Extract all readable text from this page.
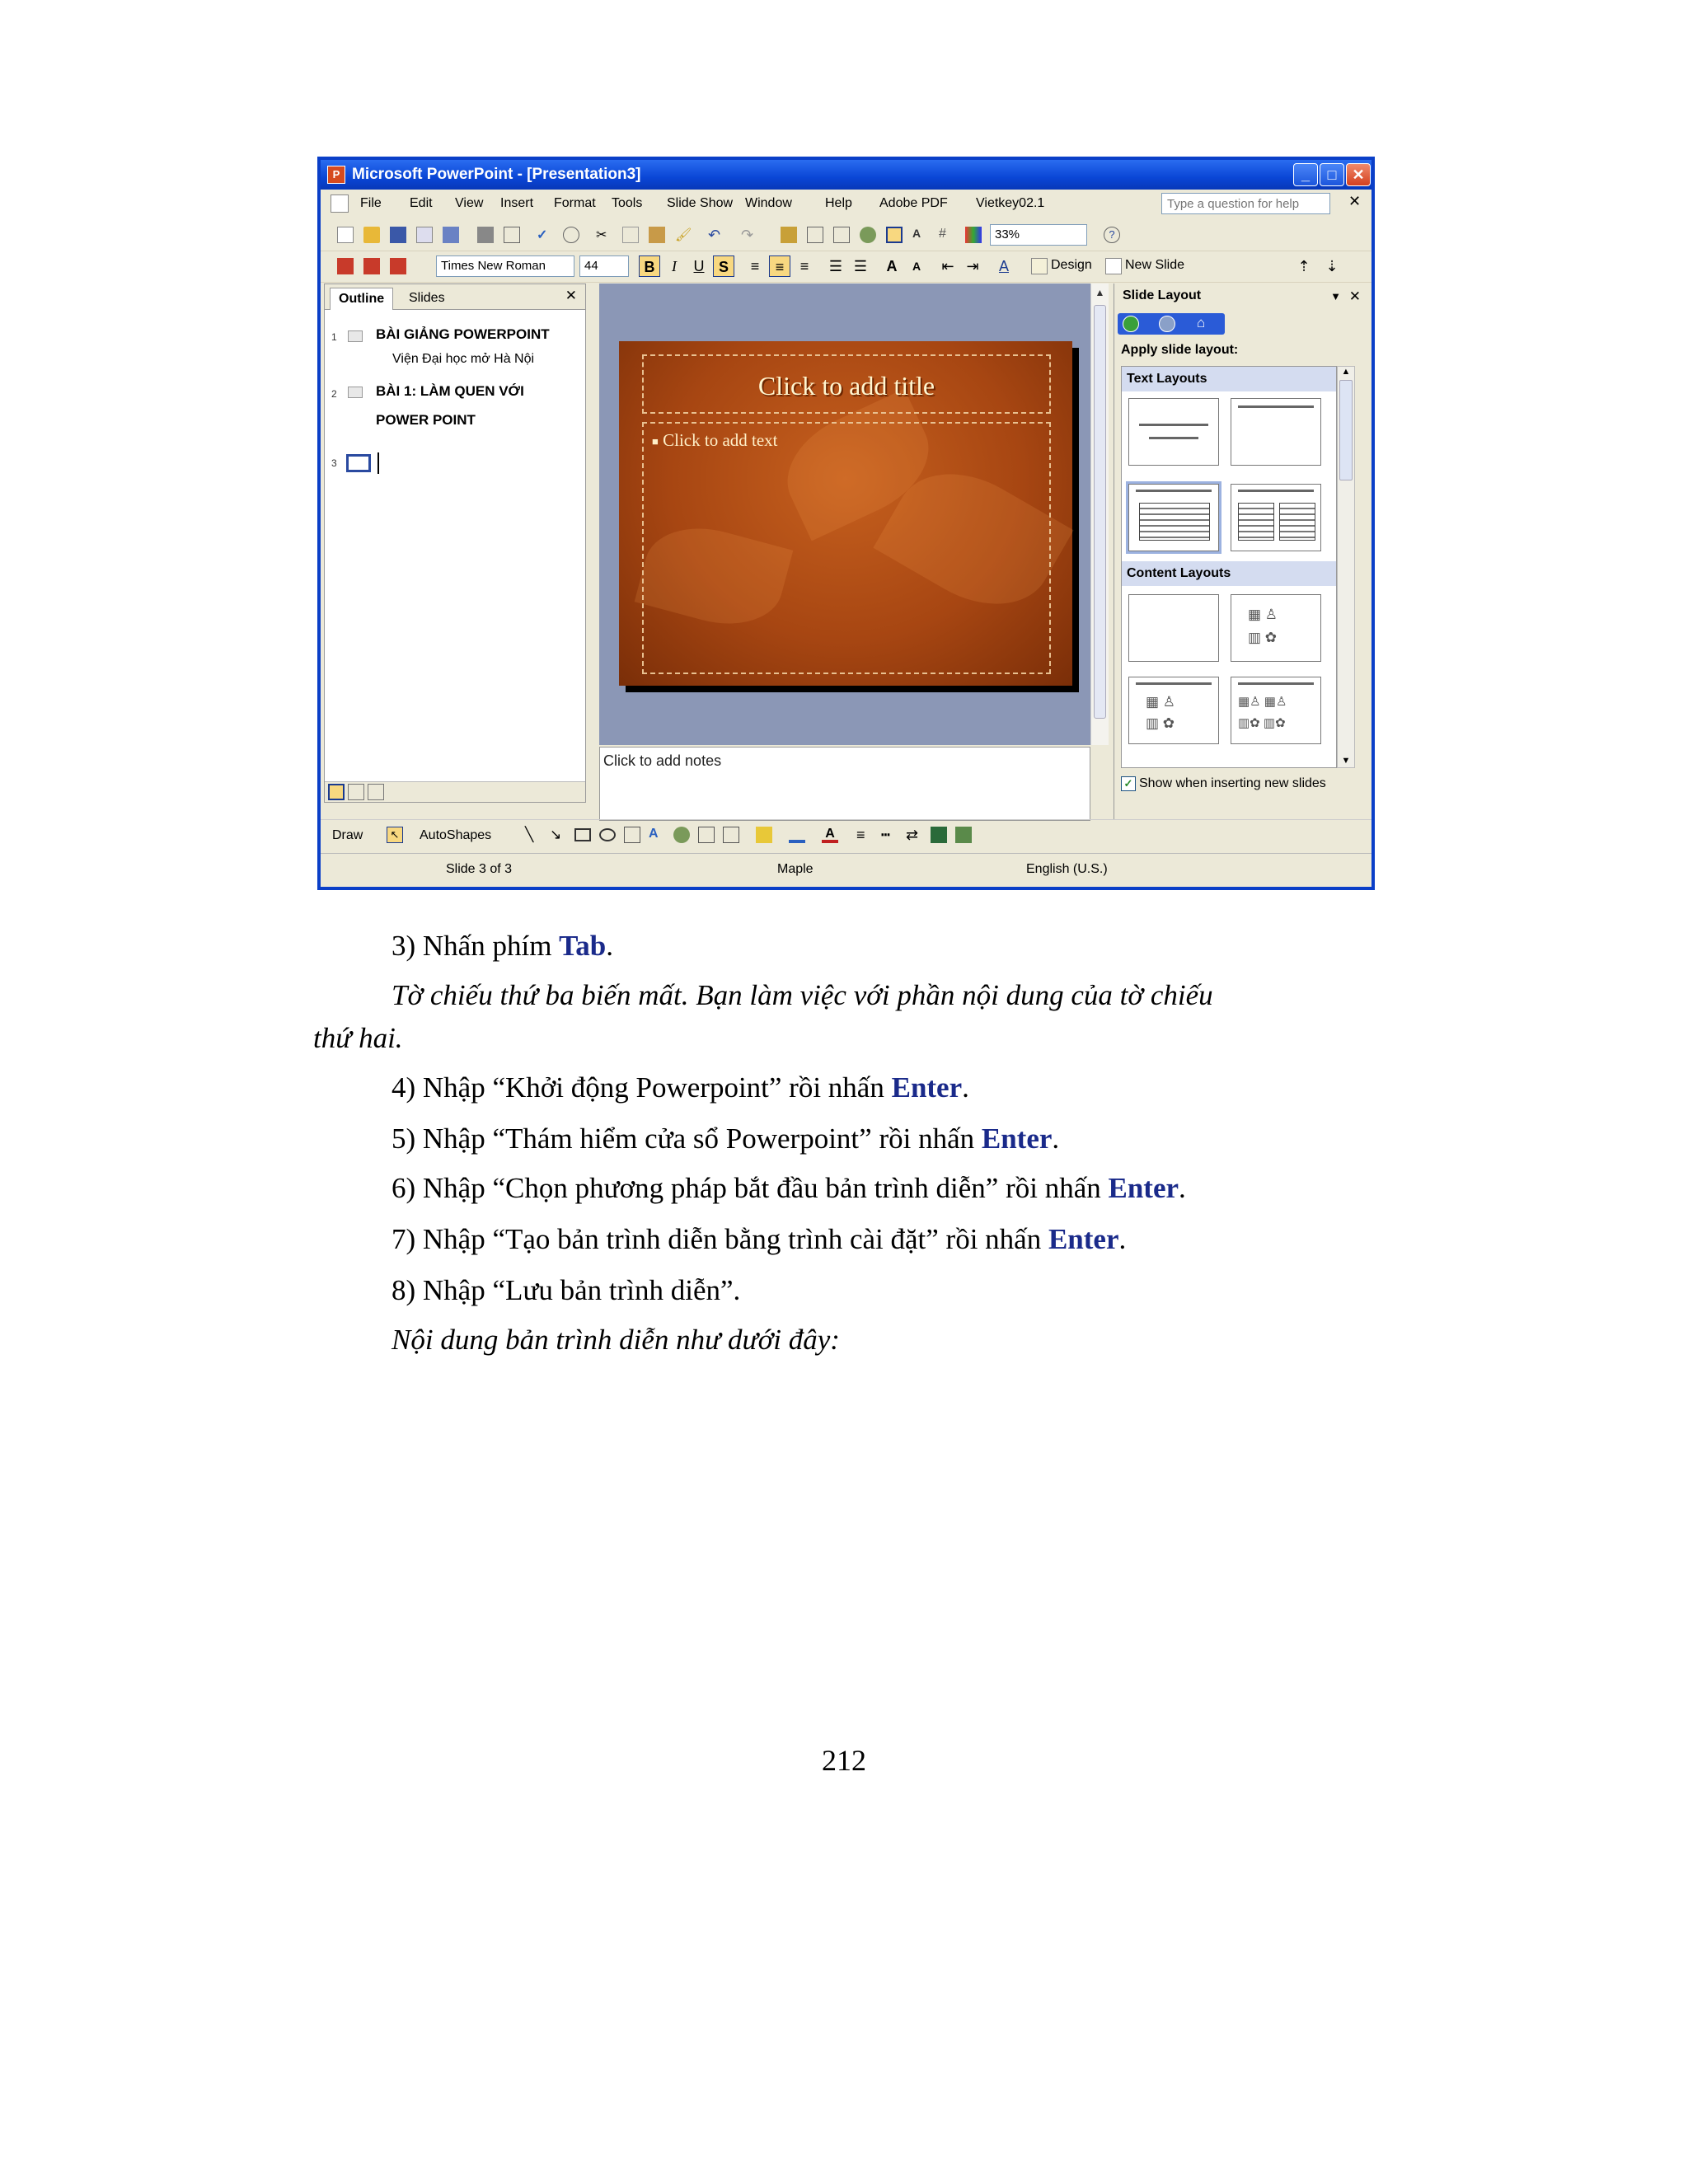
P Microsoft PowerPoint - [Presentation3]	_	□	✕
File Edit View Insert Format Tools Slide Show Window	Help Adobe PDF Vietkey02.1
Type a question for help	✕
✓	✂	🖌 ↶ ↷	A	#	33%	?
Times New Roman	44	B	I	U S	≡	≡	≡	☰ ☰	A	A	⇤ ⇥	A	Design	New Slide	⇡	⇣
Outline	Slides	✕
1	BÀI GIẢNG POWERPOINT
Viện Đại học mở Hà Nội
2	BÀI 1: LÀM QUEN VỚI
POWER POINT
3
Click to add title
■ Click to add text
▲
Click to add notes
Slide Layout	▼ ✕
⌂
Apply slide layout:
Text Layouts
Content Layouts
▦ ♙
▥ ✿
▦ ♙
▥ ✿
▦♙ ▦♙
▥✿ ▥✿
▲
▼
✓ Show when inserting new slides
Draw	↖ AutoShapes ╲	↘	A	A ≡	┅	⇄
Slide 3 of 3	Maple	English (U.S.)
3) Nhấn phím Tab.
Tờ chiếu thứ ba biến mất. Bạn làm việc với phần nội dung của tờ chiếu
thứ hai.
4) Nhập “Khởi động Powerpoint” rồi nhấn Enter.
5) Nhập “Thám hiểm cửa sổ Powerpoint” rồi nhấn Enter.
6) Nhập “Chọn phương pháp bắt đầu bản trình diễn” rồi nhấn Enter.
7) Nhập “Tạo bản trình diễn bằng trình cài đặt” rồi nhấn Enter.
8) Nhập “Lưu bản trình diễn”.
Nội dung bản trình diễn như dưới đây:
212
